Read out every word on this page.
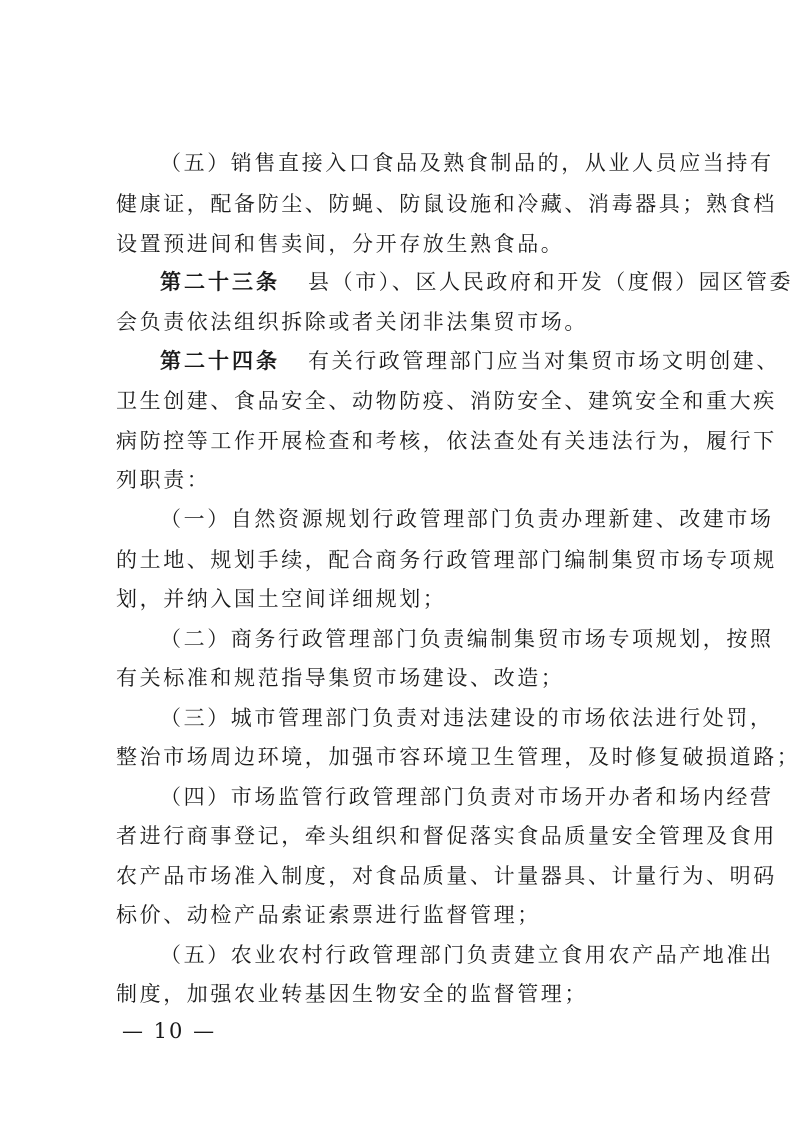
（五）销售直接入口食品及熟食制品的，从业人员应当持有
健康证，配备防尘、防蝇、防鼠设施和冷藏、消毒器具；熟食档
设置预进间和售卖间，分开存放生熟食品。
第二十三条 县（市）、区人民政府和开发（度假）园区管委
会负责依法组织拆除或者关闭非法集贸市场。
第二十四条 有关行政管理部门应当对集贸市场文明创建、
卫生创建、食品安全、动物防疫、消防安全、建筑安全和重大疾
病防控等工作开展检查和考核，依法查处有关违法行为，履行下
列职责：
（一）自然资源规划行政管理部门负责办理新建、改建市场
的土地、规划手续，配合商务行政管理部门编制集贸市场专项规
划，并纳入国土空间详细规划；
（二）商务行政管理部门负责编制集贸市场专项规划，按照
有关标准和规范指导集贸市场建设、改造；
（三）城市管理部门负责对违法建设的市场依法进行处罚，
整治市场周边环境，加强市容环境卫生管理，及时修复破损道路；
（四）市场监管行政管理部门负责对市场开办者和场内经营
者进行商事登记，牵头组织和督促落实食品质量安全管理及食用
农产品市场准入制度，对食品质量、计量器具、计量行为、明码
标价、动检产品索证索票进行监督管理；
（五）农业农村行政管理部门负责建立食用农产品产地准出
制度，加强农业转基因生物安全的监督管理；
— 10 —
